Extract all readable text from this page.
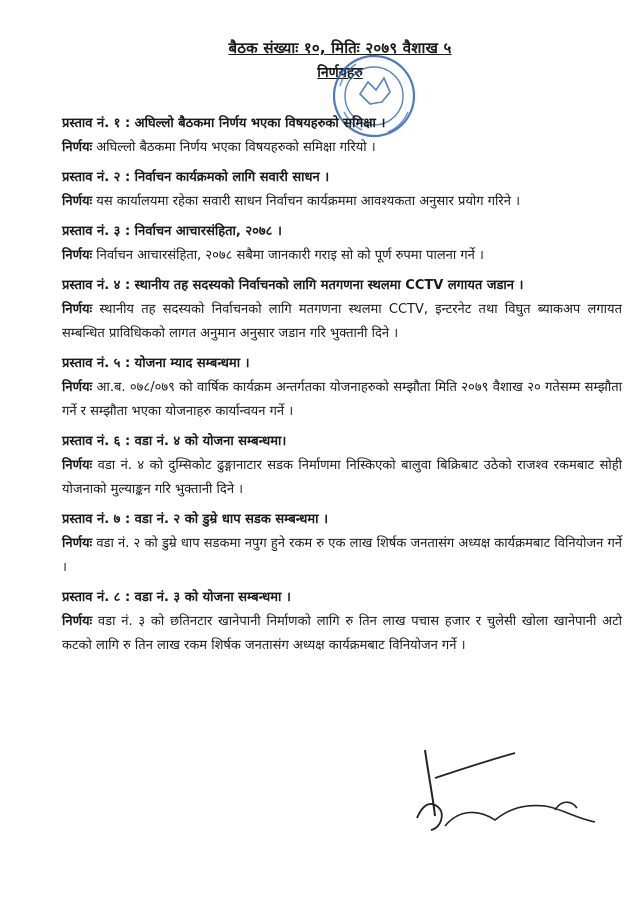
बैठक संख्याः १०, मितिः २०७९ वैशाख ५
निर्णयहरु

प्रस्ताव नं. १ : अघिल्लो बैठकमा निर्णय भएका विषयहरुको समिक्षा ।

निर्णयः अघिल्लो बैठकमा निर्णय भएका विषयहरुको समिक्षा गरियो ।

प्रस्ताव नं. २ : निर्वाचन कार्यक्रमको लागि सवारी साधन ।

निर्णयः यस कार्यालयमा रहेका सवारी साधन निर्वाचन कार्यक्रममा आवश्यकता अनुसार प्रयोग गरिने ।

प्रस्ताव नं. ३ : निर्वाचन आचारसंहिता, २०७८ ।

निर्णयः निर्वाचन आचारसंहिता, २०७८ सबैमा जानकारी गराइ सो को पूर्ण रुपमा पालना गर्ने ।

प्रस्ताव नं. ४ : स्थानीय तह सदस्यको निर्वाचनको लागि मतगणना स्थलमा CCTV लगायत जडान ।

निर्णयः स्थानीय तह सदस्यको निर्वाचनको लागि मतगणना स्थलमा CCTV, इन्टरनेट तथा विघुत ब्याकअप लगायत सम्बन्धित प्राविधिकको लागत अनुमान अनुसार जडान गरि भुक्तानी दिने ।

प्रस्ताव नं. ५ : योजना म्याद सम्बन्धमा ।

निर्णयः आ.ब. ०७८/०७९ को वार्षिक कार्यक्रम अन्तर्गतका योजनाहरुको सम्झौता मिति २०७९ वैशाख २० गतेसम्म सम्झौता गर्ने र सम्झौता भएका योजनाहरु कार्यान्वयन गर्ने ।

प्रस्ताव नं. ६ : वडा नं. ४ को योजना सम्बन्धमा।

निर्णयः वडा नं. ४ को दुम्सिकोट ढुङ्गानाटार सडक निर्माणमा निस्किएको बालुवा बिक्रिबाट उठेको राजश्व रकमबाट सोही योजनाको मुल्याङ्कन गरि भुक्तानी दिने ।

प्रस्ताव नं. ७ : वडा नं. २ को डुम्रे धाप सडक सम्बन्धमा ।

निर्णयः वडा नं. २ को डुम्रे धाप सडकमा नपुग हुने रकम रु एक लाख शिर्षक जनतासंग अध्यक्ष कार्यक्रमबाट विनियोजन गर्ने ।

प्रस्ताव नं. ८ : वडा नं. ३ को योजना सम्बन्धमा ।

निर्णयः वडा नं. ३ को छतिनटार खानेपानी निर्माणको लागि रु तिन लाख पचास हजार र चुलेसी खोला खानेपानी अटो कटको लागि रु तिन लाख रकम शिर्षक जनतासंग अध्यक्ष कार्यक्रमबाट विनियोजन गर्ने ।
